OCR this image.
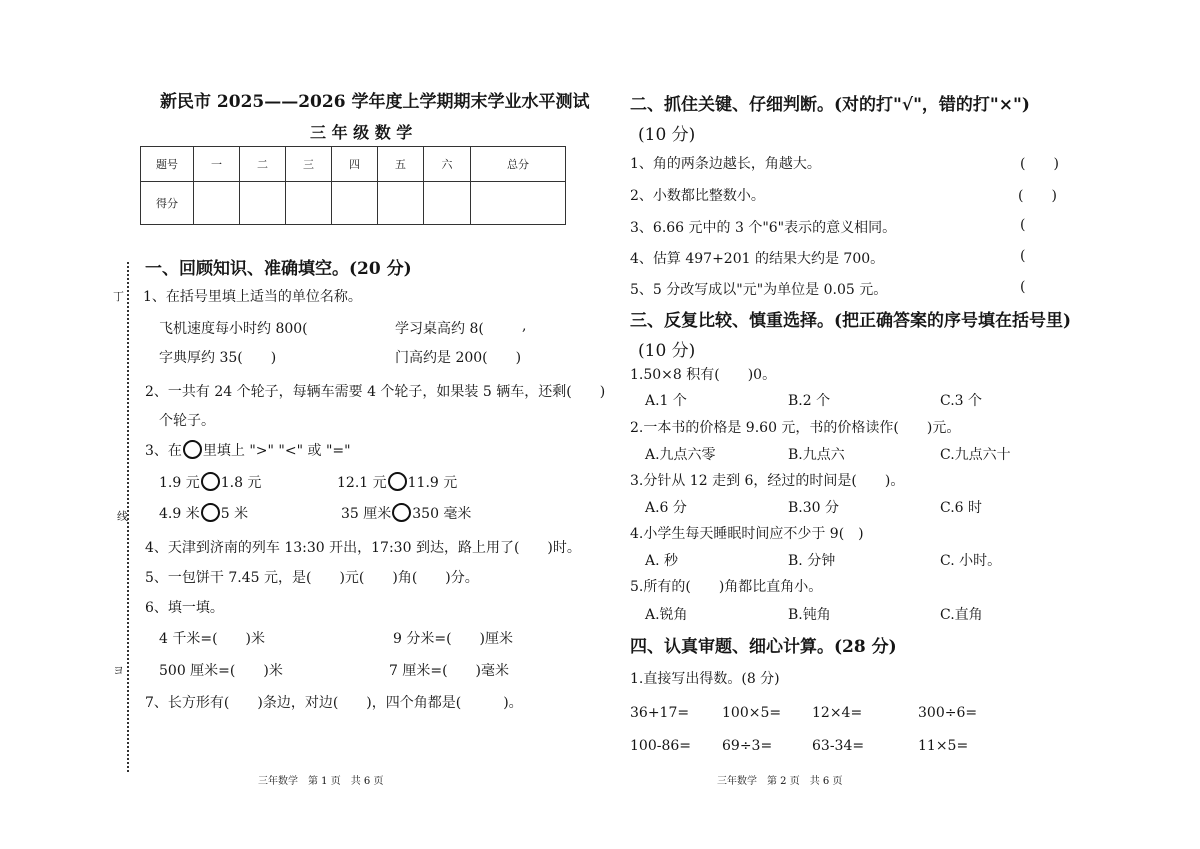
新民市 2025——2026 学年度上学期期末学业水平测试
三 年 级 数 学
题号	一	二	三	四	五	六	总分
得分							
丁
线
ヨ
一、回顾知识、准确填空。(20 分)
1、在括号里填上适当的单位名称。
飞机速度每小时约 800(	学习桌高约 8(	,
字典厚约 35(　　)	门高约是 200(　　)
2、一共有 24 个轮子，每辆车需要 4 个轮子，如果装 5 辆车，还剩(　　)
个轮子。
3、在 里填上 ">" "<" 或 "="
1.9 元 1.8 元	12.1 元 11.9 元
4.9 米 5 米	35 厘米 350 毫米
4、天津到济南的列车 13:30 开出，17:30 到达，路上用了(　　)时。
5、一包饼干 7.45 元，是(　　)元(　　)角(　　)分。
6、填一填。
4 千米=(　　)米	9 分米=(　　)厘米
500 厘米=(　　)米	7 厘米=(　　)毫米
7、长方形有(　　)条边，对边(　　)，四个角都是(　　　)。
三年数学　第 1 页　共 6 页
二、抓住关键、仔细判断。(对的打"√"，错的打"×")
(10 分)
1、角的两条边越长，角越大。	(　　)
2、小数都比整数小。	(　　)
3、6.66 元中的 3 个"6"表示的意义相同。	(
4、估算 497+201 的结果大约是 700。	(
5、5 分改写成以"元"为单位是 0.05 元。	(
三、反复比较、慎重选择。(把正确答案的序号填在括号里)
(10 分)
1.50×8 积有(　　)0。
A.1 个	B.2 个	C.3 个
2.一本书的价格是 9.60 元，书的价格读作(　　)元。
A.九点六零	B.九点六	C.九点六十
3.分针从 12 走到 6，经过的时间是(　　)。
A.6 分	B.30 分	C.6 时
4.小学生每天睡眠时间应不少于 9(　)
A. 秒	B. 分钟	C. 小时。
5.所有的(　　)角都比直角小。
A.锐角	B.钝角	C.直角
四、认真审题、细心计算。(28 分)
1.直接写出得数。(8 分)
36+17= 100×5= 12×4=	300÷6=
100-86= 69÷3=	63-34=	11×5=
三年数学　第 2 页　共 6 页
